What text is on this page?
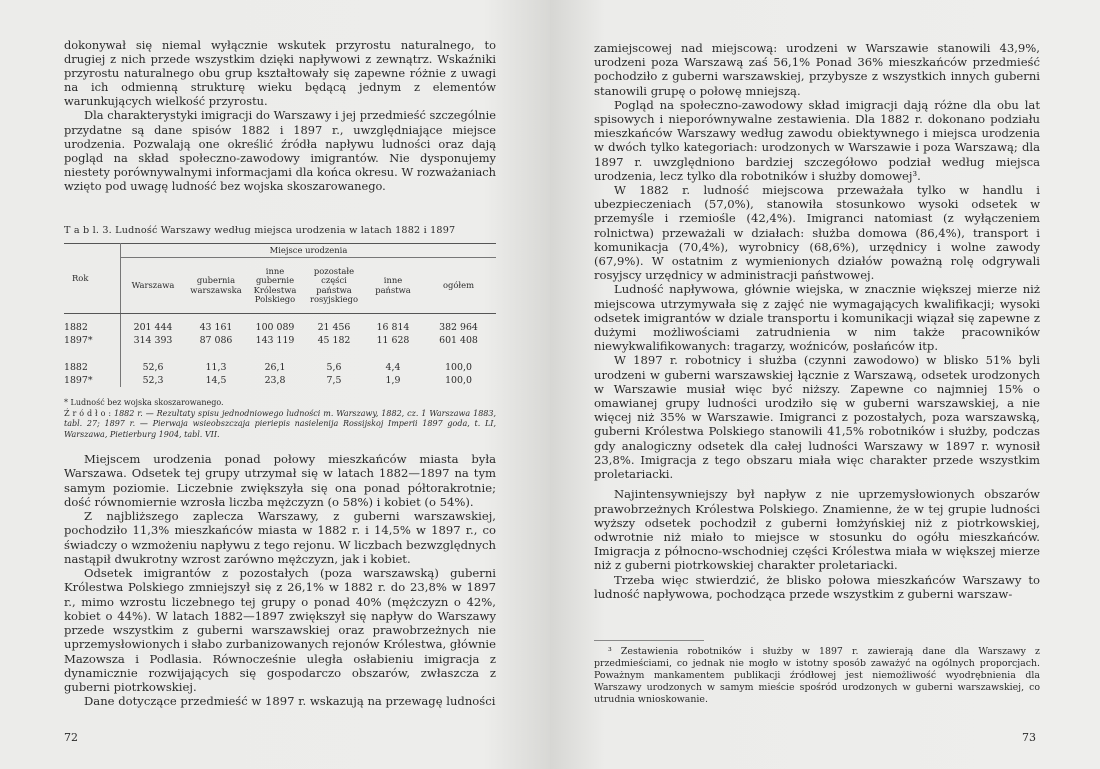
dokonywał się niemal wyłącznie wskutek przyrostu naturalnego, to drugiej z nich przede wszystkim dzięki napływowi z zewnątrz. Wskaźniki przyrostu naturalnego obu grup kształtowały się zapewne różnie z uwagi na ich odmienną strukturę wieku będącą jednym z elementów warunkujących wielkość przyrostu.

Dla charakterystyki imigracji do Warszawy i jej przedmieść szczególnie przydatne są dane spisów 1882 i 1897 r., uwzględniające miejsce urodzenia. Pozwalają one określić źródła napływu ludności oraz dają pogląd na skład społeczno-zawodowy imigrantów. Nie dysponujemy niestety porównywalnymi informacjami dla końca okresu. W rozważaniach wzięto pod uwagę ludność bez wojska skoszarowanego.

T a b l. 3. Ludność Warszawy według miejsca urodzenia w latach 1882 i 1897
Rok	Miejsce urodzenia					
	Warszawa	gubernia warszawska	inne gubernie Królestwa Polskiego	pozostałe części państwa rosyjskiego	inne państwa	ogółem

1882	201 444	43 161	100 089	21 456	16 814	382 964
1897*	314 393	87 086	143 119	45 182	11 628	601 408

1882	52,6	11,3	26,1	5,6	4,4	100,0
1897*	52,3	14,5	23,8	7,5	1,9	100,0
* Ludność bez wojska skoszarowanego.
Ź r ó d ł o : 1882 r. — Rezultaty spisu jednodniowego ludności m. Warszawy, 1882, cz. 1 Warszawa 1883, tabl. 27; 1897 r. — Pierwaja wsieobszczaja pieriepis nasielenija Rossijskoj Imperii 1897 goda, t. LI, Warszawa, Pietierburg 1904, tabl. VII.

Miejscem urodzenia ponad połowy mieszkańców miasta była Warszawa. Odsetek tej grupy utrzymał się w latach 1882—1897 na tym samym poziomie. Liczebnie zwiększyła się ona ponad półtorakrotnie; dość równomiernie wzrosła liczba mężczyzn (o 58%) i kobiet (o 54%).

Z najbliższego zaplecza Warszawy, z guberni warszawskiej, pochodziło 11,3% mieszkańców miasta w 1882 r. i 14,5% w 1897 r., co świadczy o wzmożeniu napływu z tego rejonu. W liczbach bezwzględnych nastąpił dwukrotny wzrost zarówno mężczyzn, jak i kobiet.

Odsetek imigrantów z pozostałych (poza warszawską) guberni Królestwa Polskiego zmniejszył się z 26,1% w 1882 r. do 23,8% w 1897 r., mimo wzrostu liczebnego tej grupy o ponad 40% (mężczyzn o 42%, kobiet o 44%). W latach 1882—1897 zwiększył się napływ do Warszawy przede wszystkim z guberni warszawskiej oraz prawobrzeżnych nie uprzemysłowionych i słabo zurbanizowanych rejonów Królestwa, głównie Mazowsza i Podlasia. Równocześnie uległa osłabieniu imigracja z dynamicznie rozwijających się gospodarczo obszarów, zwłaszcza z guberni piotrkowskiej.

Dane dotyczące przedmieść w 1897 r. wskazują na przewagę ludności

72

zamiejscowej nad miejscową: urodzeni w Warszawie stanowili 43,9%, urodzeni poza Warszawą zaś 56,1% Ponad 36% mieszkańców przedmieść pochodziło z guberni warszawskiej, przybysze z wszystkich innych guberni stanowili grupę o połowę mniejszą.

Pogląd na społeczno-zawodowy skład imigracji dają różne dla obu lat spisowych i nieporównywalne zestawienia. Dla 1882 r. dokonano podziału mieszkańców Warszawy według zawodu obiektywnego i miejsca urodzenia w dwóch tylko kategoriach: urodzonych w Warszawie i poza Warszawą; dla 1897 r. uwzględniono bardziej szczegółowo podział według miejsca urodzenia, lecz tylko dla robotników i służby domowej³.

W 1882 r. ludność miejscowa przeważała tylko w handlu i ubezpieczeniach (57,0%), stanowiła stosunkowo wysoki odsetek w przemyśle i rzemiośle (42,4%). Imigranci natomiast (z wyłączeniem rolnictwa) przeważali w działach: służba domowa (86,4%), transport i komunikacja (70,4%), wyrobnicy (68,6%), urzędnicy i wolne zawody (67,9%). W ostatnim z wymienionych działów poważną rolę odgrywali rosyjscy urzędnicy w administracji państwowej.

Ludność napływowa, głównie wiejska, w znacznie większej mierze niż miejscowa utrzymywała się z zajęć nie wymagających kwalifikacji; wysoki odsetek imigrantów w dziale transportu i komunikacji wiązał się zapewne z dużymi możliwościami zatrudnienia w nim także pracowników niewykwalifikowanych: tragarzy, woźniców, posłańców itp.

W 1897 r. robotnicy i służba (czynni zawodowo) w blisko 51% byli urodzeni w guberni warszawskiej łącznie z Warszawą, odsetek urodzonych w Warszawie musiał więc być niższy. Zapewne co najmniej 15% o omawianej grupy ludności urodziło się w guberni warszawskiej, a nie więcej niż 35% w Warszawie. Imigranci z pozostałych, poza warszawską, guberni Królestwa Polskiego stanowili 41,5% robotników i służby, podczas gdy analogiczny odsetek dla całej ludności Warszawy w 1897 r. wynosił 23,8%. Imigracja z tego obszaru miała więc charakter przede wszystkim proletariacki.

Najintensywniejszy był napływ z nie uprzemysłowionych obszarów prawobrzeżnych Królestwa Polskiego. Znamienne, że w tej grupie ludności wyższy odsetek pochodził z guberni łomżyńskiej niż z piotrkowskiej, odwrotnie niż miało to miejsce w stosunku do ogółu mieszkańców. Imigracja z północno-wschodniej części Królestwa miała w większej mierze niż z guberni piotrkowskiej charakter proletariacki.

Trzeba więc stwierdzić, że blisko połowa mieszkańców Warszawy to ludność napływowa, pochodząca przede wszystkim z guberni warszaw-

³ Zestawienia robotników i służby w 1897 r. zawierają dane dla Warszawy z przedmieściami, co jednak nie mogło w istotny sposób zaważyć na ogólnych proporcjach. Poważnym mankamentem publikacji źródłowej jest niemożliwość wyodrębnienia dla Warszawy urodzonych w samym mieście spośród urodzonych w guberni warszawskiej, co utrudnia wnioskowanie.
73
